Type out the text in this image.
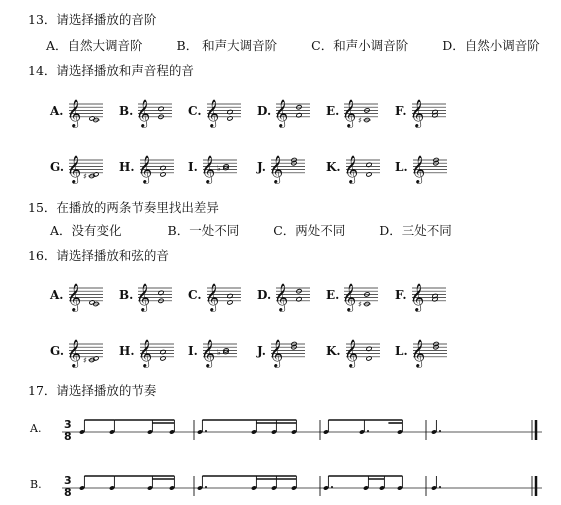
13．请选择播放的音阶
A．自然大调音阶	B． 和声大调音阶	C．和声小调音阶	D．自然小调音阶
14．请选择播放和声音程的音
A. 𝄞	B. 𝄞	C. 𝄞	D. 𝄞	E. 𝄞 ♯
F. 𝄞
G. 𝄞 ♯
H. 𝄞	I. 𝄞 ♭	J. 𝄞	K. 𝄞	L. 𝄞
15．在播放的两条节奏里找出差异
A．没有变化	B．一处不同	C．两处不同	D．三处不同
16．请选择播放和弦的音
A. 𝄞	B. 𝄞	C. 𝄞	D. 𝄞	E. 𝄞 ♯
F. 𝄞
G. 𝄞 ♯
H. 𝄞	I. 𝄞 ♭	J. 𝄞	K. 𝄞	L. 𝄞
17．请选择播放的节奏
A. 3
8
B. 3
8
